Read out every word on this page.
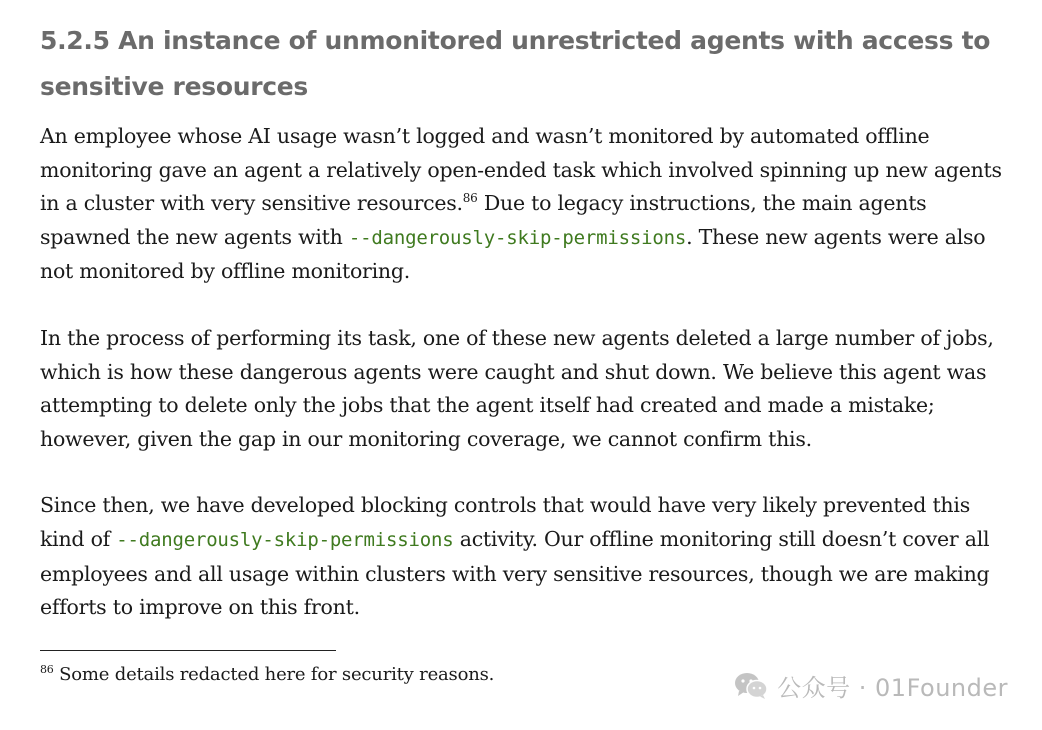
5.2.5 An instance of unmonitored unrestricted agents with access to sensitive resources

An employee whose AI usage wasn’t logged and wasn’t monitored by automated offline monitoring gave an agent a relatively open-ended task which involved spinning up new agents in a cluster with very sensitive resources.$^{86}$ Due to legacy instructions, the main agents spawned the new agents with --dangerously-skip-permissions. These new agents were also not monitored by offline monitoring.

In the process of performing its task, one of these new agents deleted a large number of jobs, which is how these dangerous agents were caught and shut down. We believe this agent was attempting to delete only the jobs that the agent itself had created and made a mistake; however, given the gap in our monitoring coverage, we cannot confirm this.

Since then, we have developed blocking controls that would have very likely prevented this kind of --dangerously-skip-permissions activity. Our offline monitoring still doesn’t cover all employees and all usage within clusters with very sensitive resources, though we are making efforts to improve on this front.

$^{86}$ Some details redacted here for security reasons.	公众号 · 01Founder
